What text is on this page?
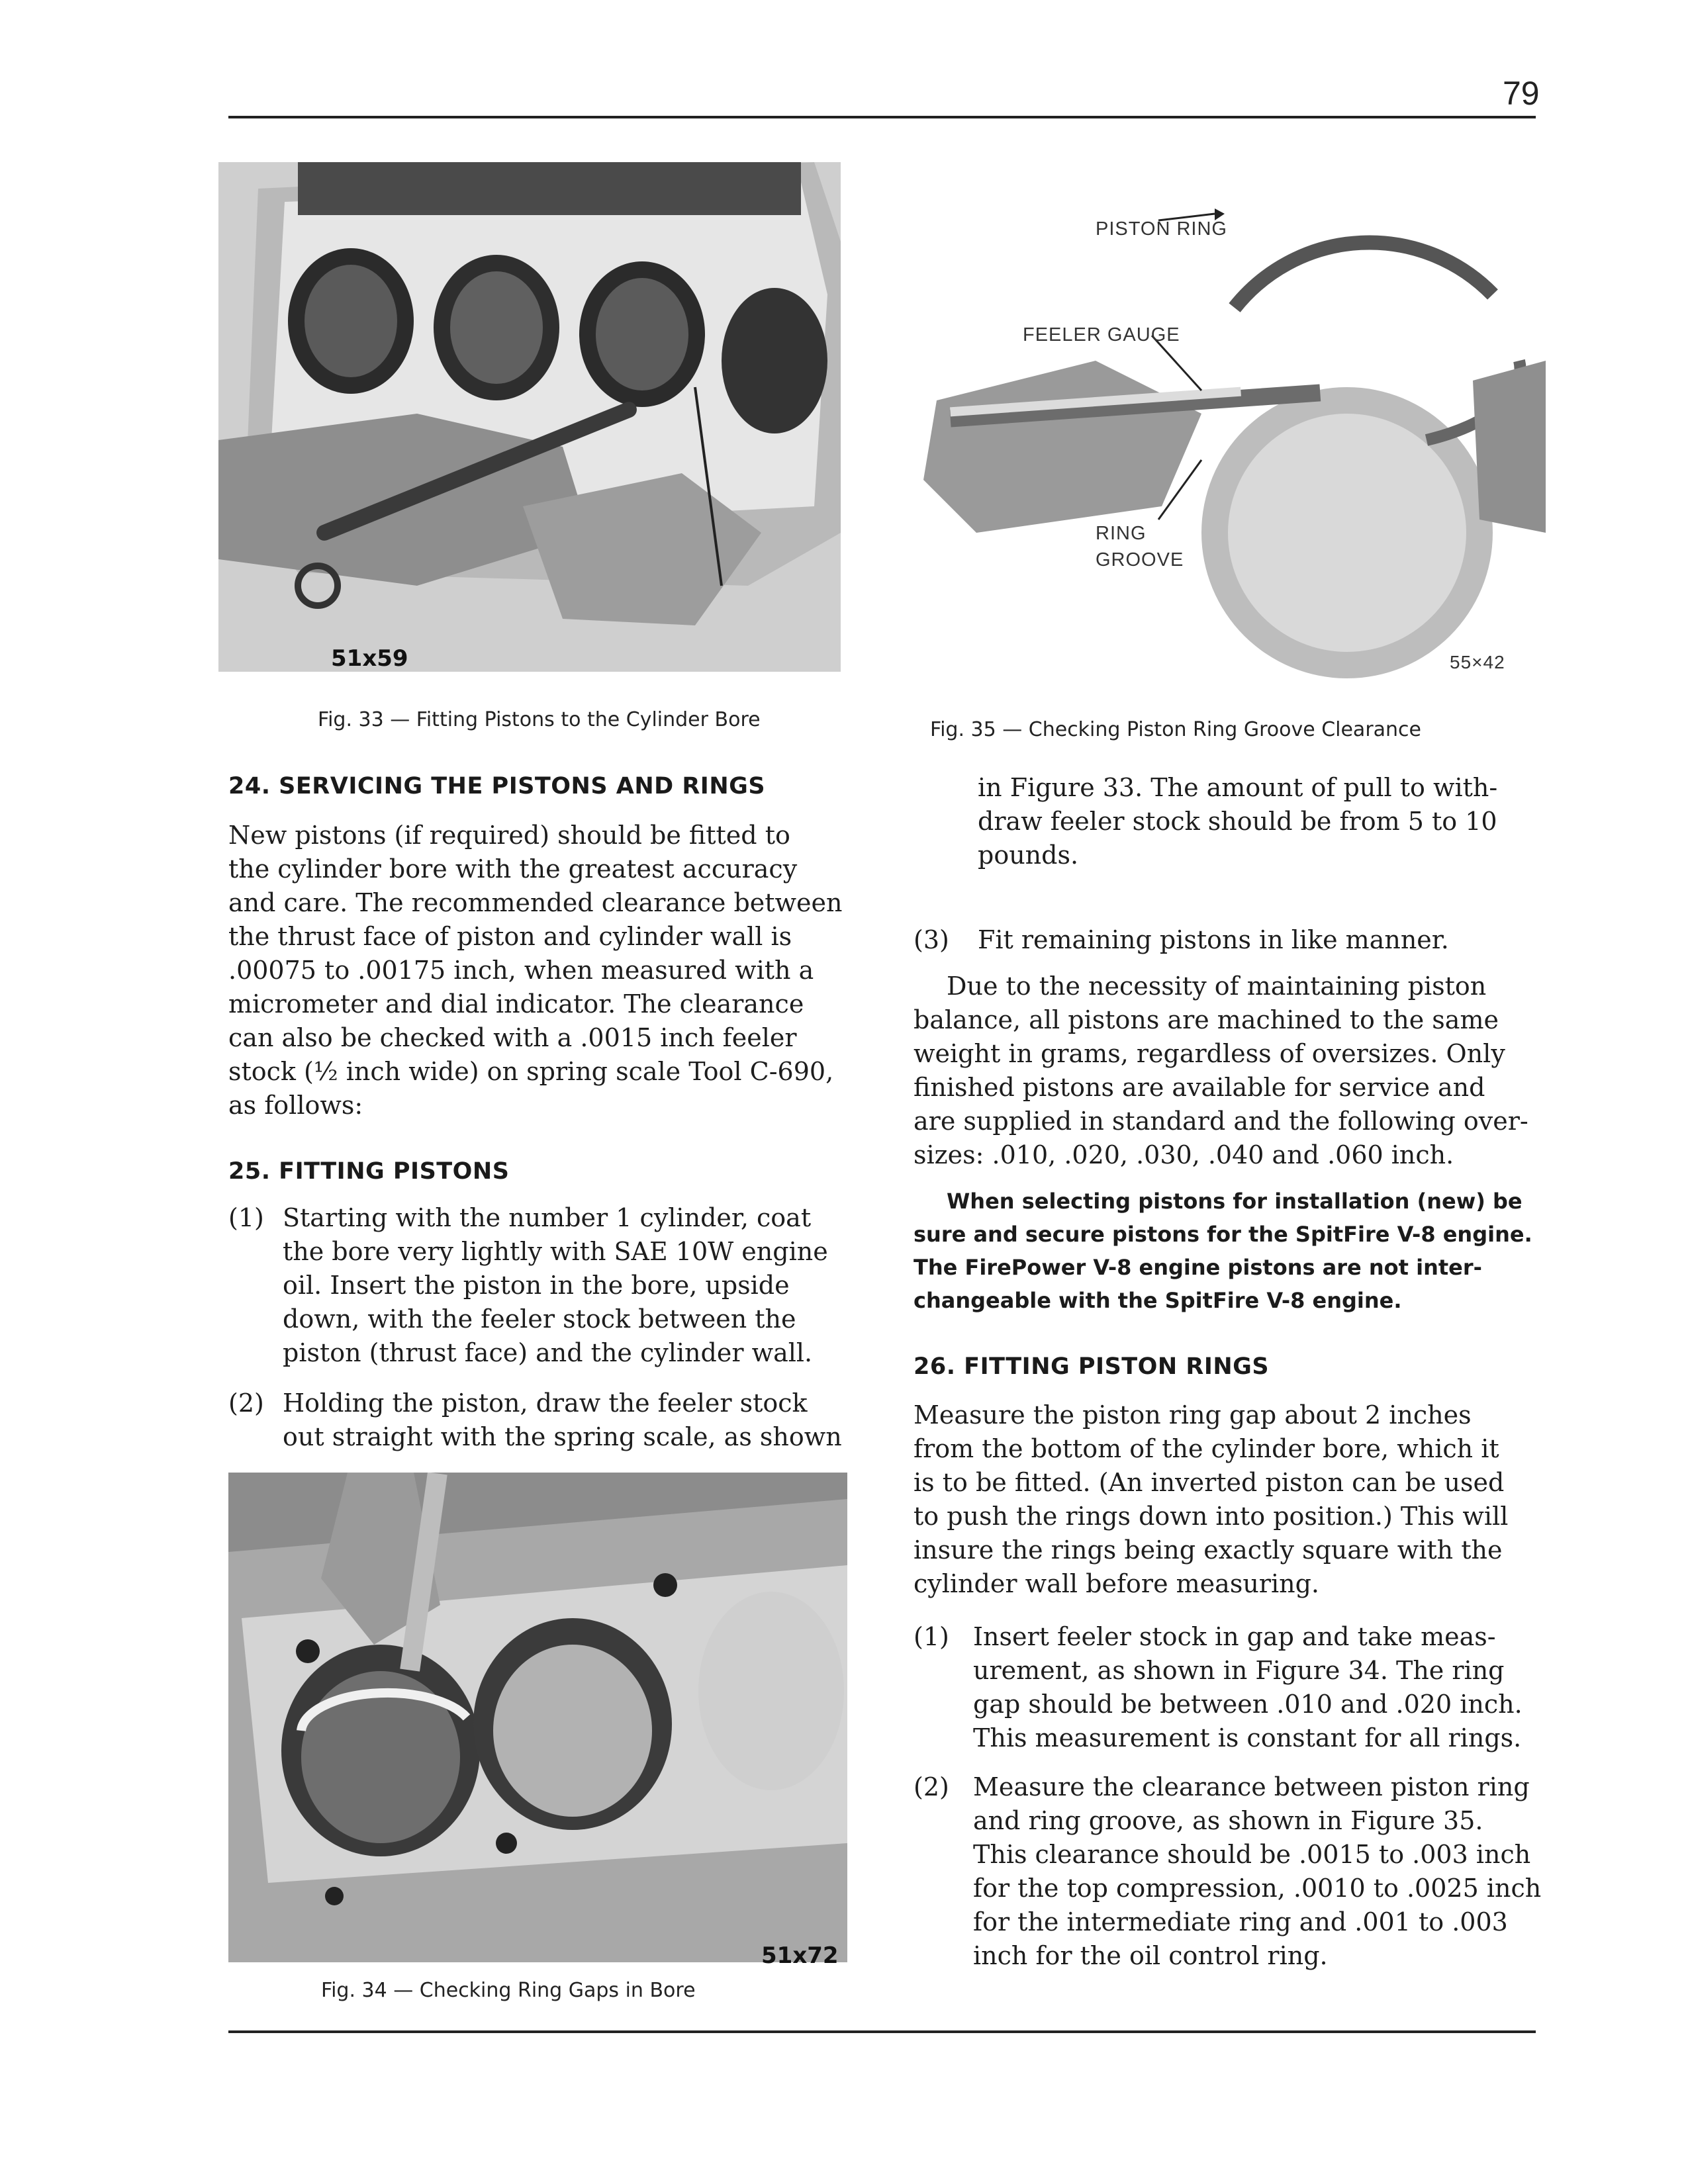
79
51x59
Fig. 33 — Fitting Pistons to the Cylinder Bore
PISTON RING
FEELER GAUGE
RING
GROOVE
55×42
Fig. 35 — Checking Piston Ring Groove Clearance
24. SERVICING THE PISTONS AND RINGS
New pistons (if required) should be fitted to
the cylinder bore with the greatest accuracy
and care. The recommended clearance between
the thrust face of piston and cylinder wall is
.00075 to .00175 inch, when measured with a
micrometer and dial indicator. The clearance
can also be checked with a .0015 inch feeler
stock (½ inch wide) on spring scale Tool C-690,
as follows:
25. FITTING PISTONS
(1) Starting with the number 1 cylinder, coat
the bore very lightly with SAE 10W engine
oil. Insert the piston in the bore, upside
down, with the feeler stock between the
piston (thrust face) and the cylinder wall.
(2) Holding the piston, draw the feeler stock
out straight with the spring scale, as shown
51x72
Fig. 34 — Checking Ring Gaps in Bore
in Figure 33. The amount of pull to with-
draw feeler stock should be from 5 to 10
pounds.
(3) Fit remaining pistons in like manner.
Due to the necessity of maintaining piston
balance, all pistons are machined to the same
weight in grams, regardless of oversizes. Only
finished pistons are available for service and
are supplied in standard and the following over-
sizes: .010, .020, .030, .040 and .060 inch.
When selecting pistons for installation (new) be
sure and secure pistons for the SpitFire V-8 engine.
The FirePower V-8 engine pistons are not inter-
changeable with the SpitFire V-8 engine.
26. FITTING PISTON RINGS
Measure the piston ring gap about 2 inches
from the bottom of the cylinder bore, which it
is to be fitted. (An inverted piston can be used
to push the rings down into position.) This will
insure the rings being exactly square with the
cylinder wall before measuring.
(1) Insert feeler stock in gap and take meas-
urement, as shown in Figure 34. The ring
gap should be between .010 and .020 inch.
This measurement is constant for all rings.
(2) Measure the clearance between piston ring
and ring groove, as shown in Figure 35.
This clearance should be .0015 to .003 inch
for the top compression, .0010 to .0025 inch
for the intermediate ring and .001 to .003
inch for the oil control ring.
